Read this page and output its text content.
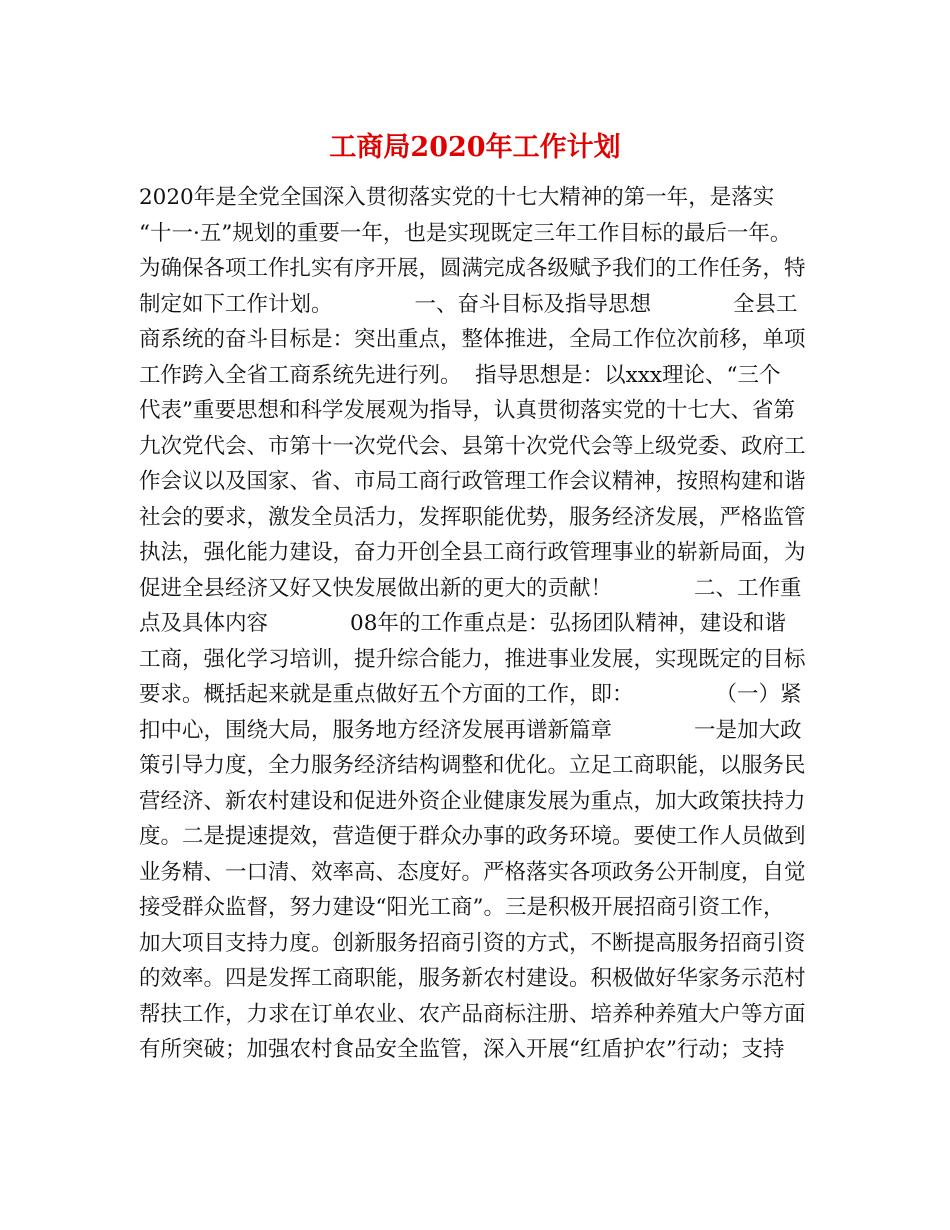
工商局2020年工作计划
2020年是全党全国深入贯彻落实党的十七大精神的第一年，是落实
“十一·五”规划的重要一年，也是实现既定三年工作目标的最后一年。
为确保各项工作扎实有序开展，圆满完成各级赋予我们的工作任务，特
制定如下工作计划。            一、奋斗目标及指导思想            全县工
商系统的奋斗目标是：突出重点，整体推进，全局工作位次前移，单项
工作跨入全省工商系统先进行列。  指导思想是：以xxx理论、“三个
代表”重要思想和科学发展观为指导，认真贯彻落实党的十七大、省第
九次党代会、市第十一次党代会、县第十次党代会等上级党委、政府工
作会议以及国家、省、市局工商行政管理工作会议精神，按照构建和谐
社会的要求，激发全员活力，发挥职能优势，服务经济发展，严格监管
执法，强化能力建设，奋力开创全县工商行政管理事业的崭新局面，为
促进全县经济又好又快发展做出新的更大的贡献！            二、工作重
点及具体内容            08年的工作重点是：弘扬团队精神，建设和谐
工商，强化学习培训，提升综合能力，推进事业发展，实现既定的目标
要求。概括起来就是重点做好五个方面的工作，即：            （一）紧
扣中心，围绕大局，服务地方经济发展再谱新篇章            一是加大政
策引导力度，全力服务经济结构调整和优化。立足工商职能，以服务民
营经济、新农村建设和促进外资企业健康发展为重点，加大政策扶持力
度。二是提速提效，营造便于群众办事的政务环境。要使工作人员做到
业务精、一口清、效率高、态度好。严格落实各项政务公开制度，自觉
接受群众监督，努力建设“阳光工商”。三是积极开展招商引资工作，
加大项目支持力度。创新服务招商引资的方式，不断提高服务招商引资
的效率。四是发挥工商职能，服务新农村建设。积极做好华家务示范村
帮扶工作，力求在订单农业、农产品商标注册、培养种养殖大户等方面
有所突破；加强农村食品安全监管，深入开展“红盾护农”行动；支持
